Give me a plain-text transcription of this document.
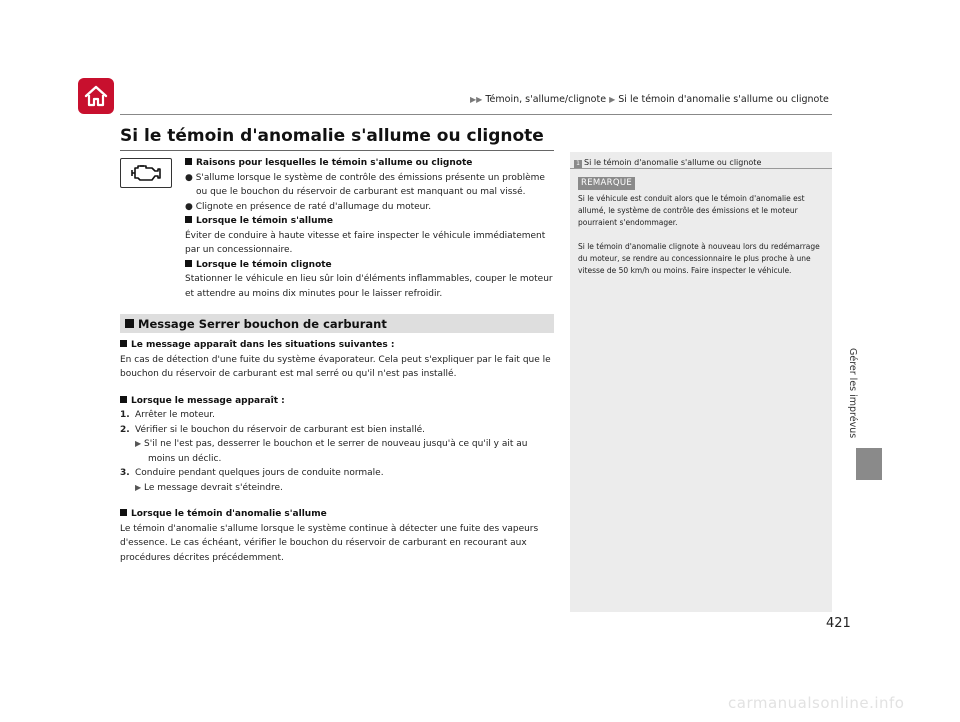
▶▶ Témoin, s'allume/clignote ▶ Si le témoin d'anomalie s'allume ou clignote
Si le témoin d'anomalie s'allume ou clignote

Raisons pour lesquelles le témoin s'allume ou clignote

● S'allume lorsque le système de contrôle des émissions présente un problème ou que le bouchon du réservoir de carburant est manquant ou mal vissé.

● Clignote en présence de raté d'allumage du moteur.

Lorsque le témoin s'allume

Éviter de conduire à haute vitesse et faire inspecter le véhicule immédiatement par un concessionnaire.

Lorsque le témoin clignote

Stationner le véhicule en lieu sûr loin d'éléments inflammables, couper le moteur et attendre au moins dix minutes pour le laisser refroidir.

Message Serrer bouchon de carburant

Le message apparaît dans les situations suivantes :

En cas de détection d'une fuite du système évaporateur. Cela peut s'expliquer par le fait que le bouchon du réservoir de carburant est mal serré ou qu'il n'est pas installé.

Lorsque le message apparaît :

1. Arrêter le moteur.
2. Vérifier si le bouchon du réservoir de carburant est bien installé.

▶ S'il ne l'est pas, desserrer le bouchon et le serrer de nouveau jusqu'à ce qu'il y ait au moins un déclic.

3. Conduire pendant quelques jours de conduite normale.

▶ Le message devrait s'éteindre.

Lorsque le témoin d'anomalie s'allume

Le témoin d'anomalie s'allume lorsque le système continue à détecter une fuite des vapeurs d'essence. Le cas échéant, vérifier le bouchon du réservoir de carburant en recourant aux procédures décrites précédemment.

1 Si le témoin d'anomalie s'allume ou clignote
REMARQUE

Si le véhicule est conduit alors que le témoin d'anomalie est allumé, le système de contrôle des émissions et le moteur pourraient s'endommager.

Si le témoin d'anomalie clignote à nouveau lors du redémarrage du moteur, se rendre au concessionnaire le plus proche à une vitesse de 50 km/h ou moins. Faire inspecter le véhicule.

Gérer les imprévus
421
carmanualsonline.info
